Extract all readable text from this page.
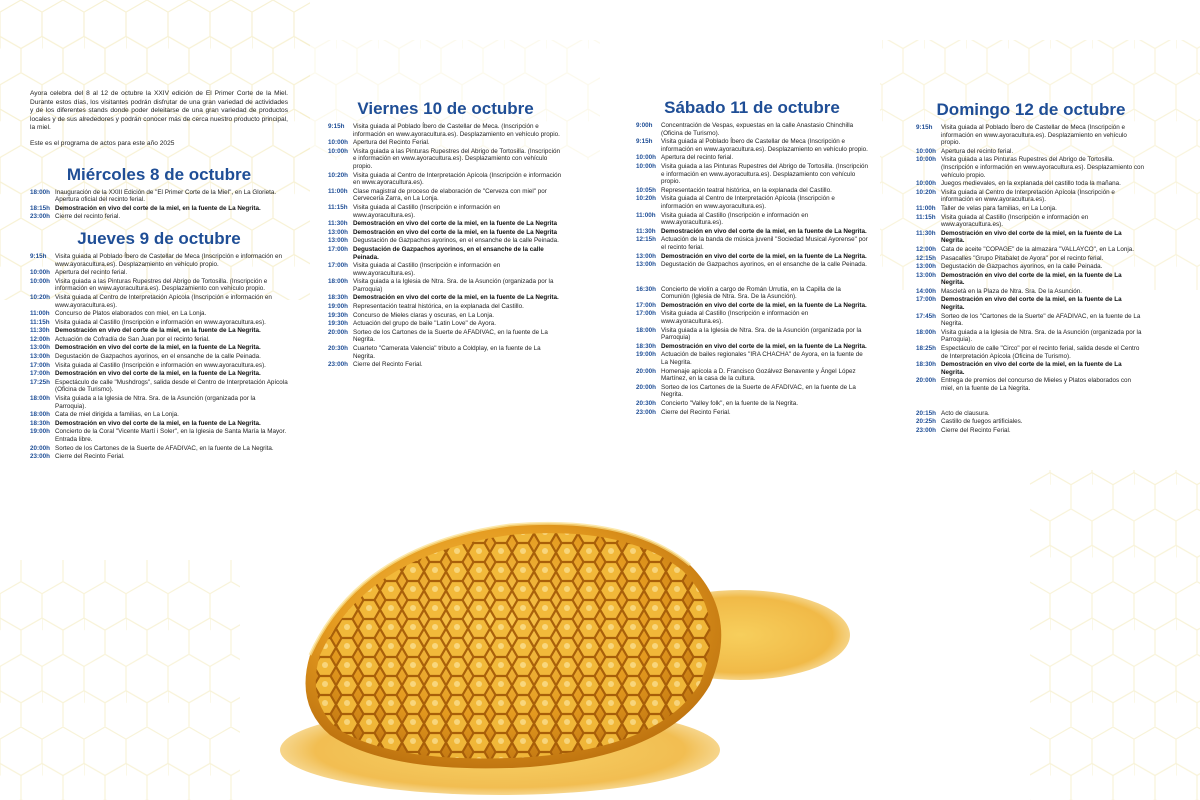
Ayora celebra del 8 al 12 de octubre la XXIV edición de El Primer Corte de la Miel. Durante estos días, los visitantes podrán disfrutar de una gran variedad de actividades y de los diferentes stands donde poder deleitarse de una gran variedad de productos locales y de sus alrededores y podrán conocer más de cerca nuestro producto principal, la miel.

Este es el programa de actos para este año 2025

Miércoles 8 de octubre
18:00h Inauguración de la XXIII Edición de "El Primer Corte de la Miel", en La Glorieta. Apertura oficial del recinto ferial.
18:15h Demostración en vivo del corte de la miel, en la fuente de La Negrita.
23:00h Cierre del recinto ferial.
Jueves 9 de octubre
9:15h	Visita guiada al Poblado Íbero de Castellar de Meca (Inscripción e información en www.ayoracultura.es). Desplazamiento en vehículo propio.
10:00h Apertura del recinto ferial.
10:00h Visita guiada a las Pinturas Rupestres del Abrigo de Tortosilla. (Inscripción e información en www.ayoracultura.es). Desplazamiento con vehículo propio.
10:20h Visita guiada al Centro de Interpretación Apícola (Inscripción e información en www.ayoracultura.es).
11:00h Concurso de Platos elaborados con miel, en La Lonja.
11:15h Visita guiada al Castillo (Inscripción e información en www.ayoracultura.es).
11:30h Demostración en vivo del corte de la miel, en la fuente de La Negrita.
12:00h Actuación de Cofradía de San Juan por el recinto ferial.
13:00h Demostración en vivo del corte de la miel, en la fuente de La Negrita.
13:00h Degustación de Gazpachos ayorinos, en el ensanche de la calle Peinada.
17:00h Visita guiada al Castillo (Inscripción e información en www.ayoracultura.es).
17:00h Demostración en vivo del corte de la miel, en la fuente de La Negrita.
17:25h Espectáculo de calle "Mushdrogs", salida desde el Centro de Interpretación Apícola (Oficina de Turismo).
18:00h Visita guiada a la Iglesia de Ntra. Sra. de la Asunción (organizada por la Parroquia).
18:00h Cata de miel dirigida a familias, en La Lonja.
18:30h Demostración en vivo del corte de la miel, en la fuente de La Negrita.
19:00h Concierto de la Coral "Vicente Martí i Soler", en la Iglesia de Santa María la Mayor. Entrada libre.
20:00h Sorteo de los Cartones de la Suerte de AFADIVAC, en la fuente de La Negrita.
23:00h Cierre del Recinto Ferial.
Viernes 10 de octubre
9:15h	Visita guiada al Poblado Íbero de Castellar de Meca. (Inscripción e información en www.ayoracultura.es). Desplazamiento en vehículo propio.
10:00h Apertura del Recinto Ferial.
10:00h Visita guiada a las Pinturas Rupestres del Abrigo de Tortosilla. (Inscripción e información en www.ayoracultura.es). Desplazamiento con vehículo propio.
10:20h Visita guiada al Centro de Interpretación Apícola (Inscripción e información en www.ayoracultura.es).
11:00h Clase magistral de proceso de elaboración de "Cerveza con miel" por Cervecería Zarra, en La Lonja.
11:15h Visita guiada al Castillo (Inscripción e información en www.ayoracultura.es).
11:30h Demostración en vivo del corte de la miel, en la fuente de La Negrita
13:00h Demostración en vivo del corte de la miel, en la fuente de La Negrita
13:00h Degustación de Gazpachos ayorinos, en el ensanche de la calle Peinada.
17:00h Degustación de Gazpachos ayorinos, en el ensanche de la calle Peinada.
17:00h Visita guiada al Castillo (Inscripción e información en www.ayoracultura.es).
18:00h Visita guiada a la Iglesia de Ntra. Sra. de la Asunción (organizada por la Parroquia)
18:30h Demostración en vivo del corte de la miel, en la fuente de La Negrita.
19:00h Representación teatral histórica, en la explanada del Castillo.
19:30h Concurso de Mieles claras y oscuras, en La Lonja.
19:30h Actuación del grupo de baile "Latin Love" de Ayora.
20:00h Sorteo de los Cartones de la Suerte de AFADIVAC, en la fuente de La Negrita.
20:30h Cuarteto "Camerata Valencia" tributo a Coldplay, en la fuente de La Negrita.
23:00h Cierre del Recinto Ferial.
Sábado 11 de octubre
9:00h	Concentración de Vespas, expuestas en la calle Anastasio Chinchilla (Oficina de Turismo).
9:15h	Visita guiada al Poblado Íbero de Castellar de Meca (Inscripción e información en www.ayoracultura.es). Desplazamiento en vehículo propio.
10:00h Apertura del recinto ferial.
10:00h Visita guiada a las Pinturas Rupestres del Abrigo de Tortosilla. (Inscripción e información en www.ayoracultura.es). Desplazamiento con vehículo propio.
10:05h Representación teatral histórica, en la explanada del Castillo.
10:20h Visita guiada al Centro de Interpretación Apícola (Inscripción e información en www.ayoracultura.es).
11:00h Visita guiada al Castillo (Inscripción e información en www.ayoracultura.es).
11:30h Demostración en vivo del corte de la miel, en la fuente de La Negrita.
12:15h Actuación de la banda de música juvenil "Sociedad Musical Ayorense" por el recinto ferial.
13:00h Demostración en vivo del corte de la miel, en la fuente de La Negrita.
13:00h Degustación de Gazpachos ayorinos, en el ensanche de la calle Peinada.
16:30h Concierto de violín a cargo de Román Urrutia, en la Capilla de la Comunión (Iglesia de Ntra. Sra. De la Asunción).
17:00h Demostración en vivo del corte de la miel, en la fuente de La Negrita.
17:00h Visita guiada al Castillo (Inscripción e información en www.ayoracultura.es).
18:00h Visita guiada a la Iglesia de Ntra. Sra. de la Asunción (organizada por la Parroquia)
18:30h Demostración en vivo del corte de la miel, en la fuente de La Negrita.
19:00h Actuación de bailes regionales "IRA CHACHA" de Ayora, en la fuente de La Negrita.
20:00h Homenaje apícola a D. Francisco Gozálvez Benavente y Ángel López Martínez, en la casa de la cultura.
20:00h Sorteo de los Cartones de la Suerte de AFADIVAC, en la fuente de La Negrita.
20:30h Concierto "Valley folk", en la fuente de la Negrita.
23:00h Cierre del Recinto Ferial.
Domingo 12 de octubre
9:15h	Visita guiada al Poblado Íbero de Castellar de Meca (Inscripción e información en www.ayoracultura.es). Desplazamiento en vehículo propio.
10:00h Apertura del recinto ferial.
10:00h Visita guiada a las Pinturas Rupestres del Abrigo de Tortosilla. (Inscripción e información en www.ayoracultura.es). Desplazamiento con vehículo propio.
10:00h Juegos medievales, en la explanada del castillo toda la mañana.
10:20h Visita guiada al Centro de Interpretación Apícola (Inscripción e información en www.ayoracultura.es).
11:00h Taller de velas para familias, en La Lonja.
11:15h Visita guiada al Castillo (Inscripción e información en www.ayoracultura.es).
11:30h Demostración en vivo del corte de la miel, en la fuente de La Negrita.
12:00h Cata de aceite "COPAGE" de la almazara "VALLAYCO", en La Lonja.
12:15h Pasacalles "Grupo Pitabalet de Ayora" por el recinto ferial.
13:00h Degustación de Gazpachos ayorinos, en la calle Peinada.
13:00h Demostración en vivo del corte de la miel, en la fuente de La Negrita.
14:00h Mascletà en la Plaza de Ntra. Sra. De la Asunción.
17:00h Demostración en vivo del corte de la miel, en la fuente de La Negrita.
17:45h Sorteo de los "Cartones de la Suerte" de AFADIVAC, en la fuente de La Negrita.
18:00h Visita guiada a la Iglesia de Ntra. Sra. de la Asunción (organizada por la Parroquia).
18:25h Espectáculo de calle "Circo" por el recinto ferial, salida desde el Centro de Interpretación Apícola (Oficina de Turismo).
18:30h Demostración en vivo del corte de la miel, en la fuente de La Negrita.
20:00h Entrega de premios del concurso de Mieles y Platos elaborados con miel, en la fuente de La Negrita.
20:15h Acto de clausura.
20:25h Castillo de fuegos artificiales.
23:00h Cierre del Recinto Ferial.
